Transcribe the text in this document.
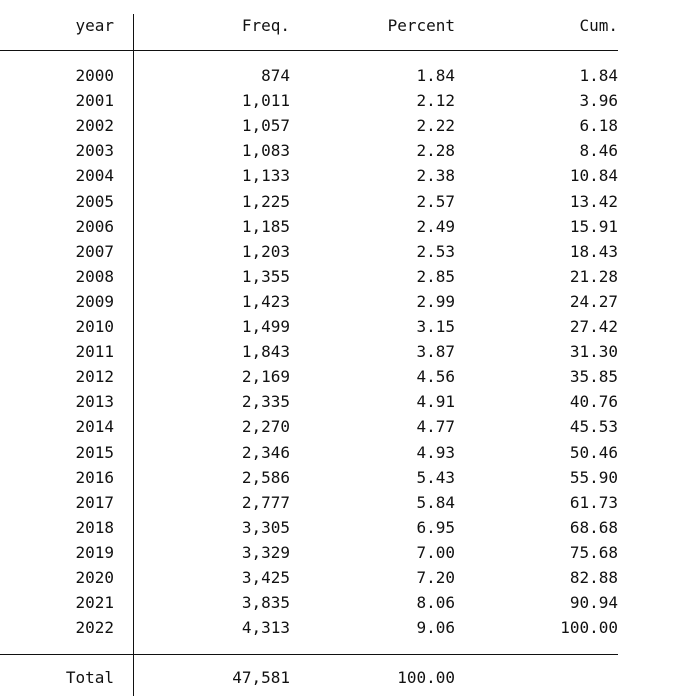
year	Freq.	Percent	Cum.
2000	874	1.84	1.84
2001	1,011	2.12	3.96
2002	1,057	2.22	6.18
2003	1,083	2.28	8.46
2004	1,133	2.38	10.84
2005	1,225	2.57	13.42
2006	1,185	2.49	15.91
2007	1,203	2.53	18.43
2008	1,355	2.85	21.28
2009	1,423	2.99	24.27
2010	1,499	3.15	27.42
2011	1,843	3.87	31.30
2012	2,169	4.56	35.85
2013	2,335	4.91	40.76
2014	2,270	4.77	45.53
2015	2,346	4.93	50.46
2016	2,586	5.43	55.90
2017	2,777	5.84	61.73
2018	3,305	6.95	68.68
2019	3,329	7.00	75.68
2020	3,425	7.20	82.88
2021	3,835	8.06	90.94
2022	4,313	9.06	100.00
Total	47,581	100.00
